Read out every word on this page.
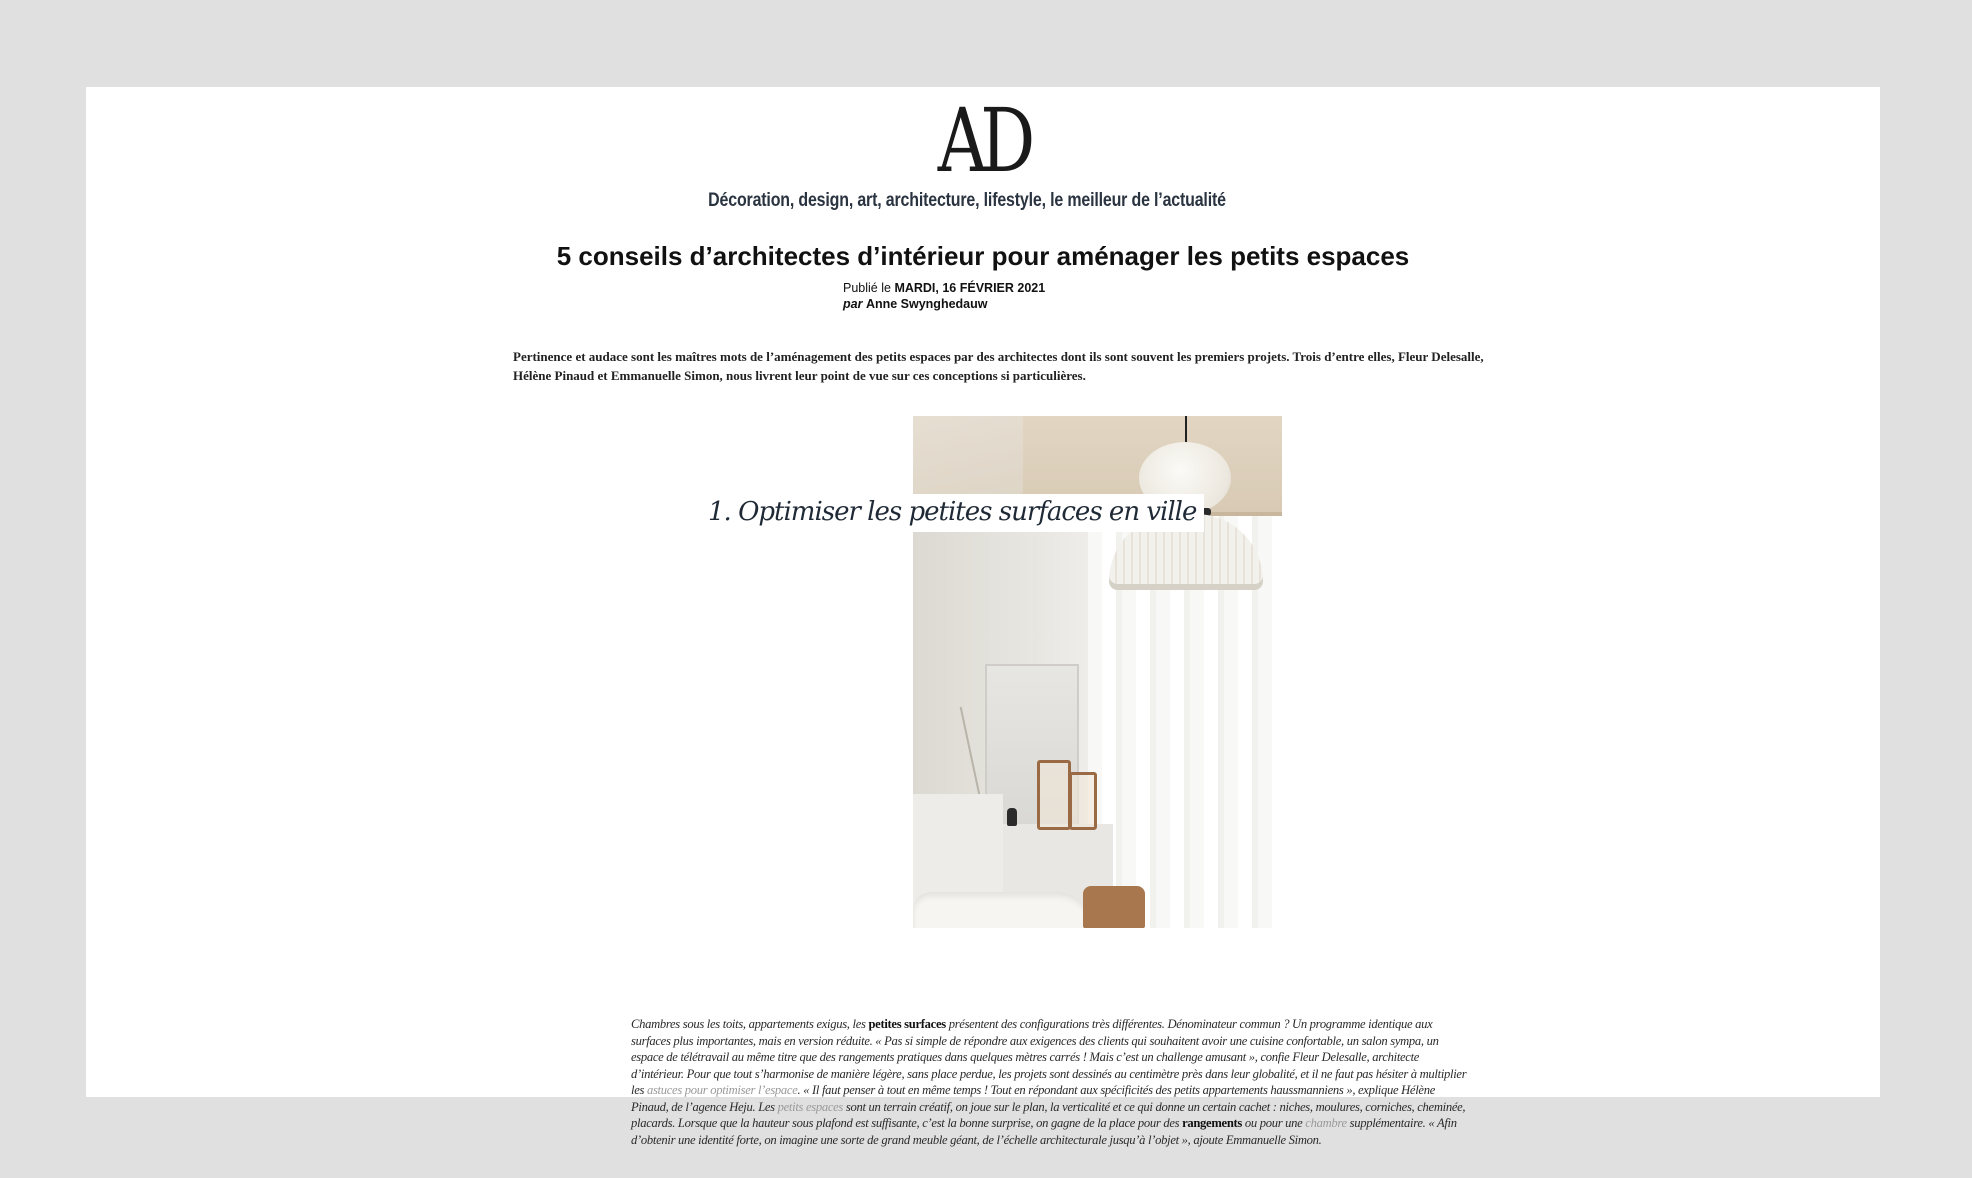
AD
Décoration, design, art, architecture, lifestyle, le meilleur de l’actualité
5 conseils d’architectes d’intérieur pour aménager les petits espaces
Publié le MARDI, 16 FÉVRIER 2021
par Anne Swynghedauw
Pertinence et audace sont les maîtres mots de l’aménagement des petits espaces par des architectes dont ils sont souvent les premiers projets. Trois d’entre elles, Fleur Delesalle, Hélène Pinaud et Emmanuelle Simon, nous livrent leur point de vue sur ces conceptions si particulières.
1. Optimiser les petites surfaces en ville
Chambres sous les toits, appartements exigus, les petites surfaces présentent des configurations très différentes. Dénominateur commun ? Un programme identique aux surfaces plus importantes, mais en version réduite. « Pas si simple de répondre aux exigences des clients qui souhaitent avoir une cuisine confortable, un salon sympa, un espace de télétravail au même titre que des rangements pratiques dans quelques mètres carrés ! Mais c’est un challenge amusant », confie Fleur Delesalle, architecte d’intérieur. Pour que tout s’harmonise de manière légère, sans place perdue, les projets sont dessinés au centimètre près dans leur globalité, et il ne faut pas hésiter à multiplier les astuces pour optimiser l’espace. « Il faut penser à tout en même temps ! Tout en répondant aux spécificités des petits appartements haussmanniens », explique Hélène Pinaud, de l’agence Heju. Les petits espaces sont un terrain créatif, on joue sur le plan, la verticalité et ce qui donne un certain cachet : niches, moulures, corniches, cheminée, placards. Lorsque que la hauteur sous plafond est suffisante, c’est la bonne surprise, on gagne de la place pour des rangements ou pour une chambre supplémentaire. « Afin d’obtenir une identité forte, on imagine une sorte de grand meuble géant, de l’échelle architecturale jusqu’à l’objet », ajoute Emmanuelle Simon.
